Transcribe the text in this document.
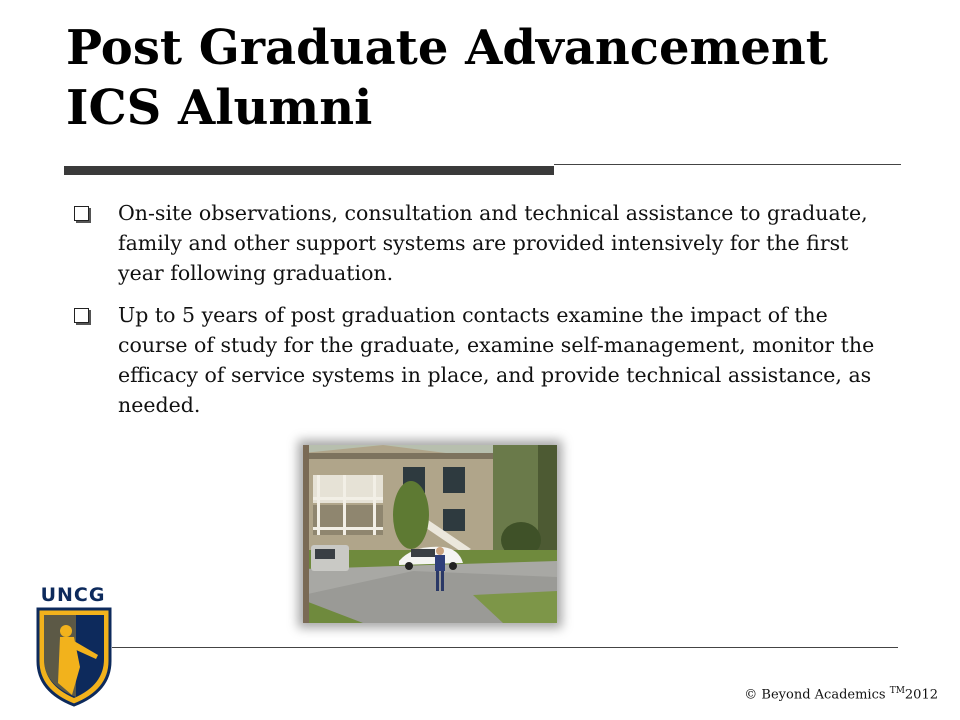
Post Graduate Advancement
ICS Alumni
On-site observations, consultation and technical assistance to graduate, family and other support systems are provided intensively for the first year following graduation.
Up to 5 years of post graduation contacts examine the impact of the course of study for the graduate, examine self-management, monitor the efficacy of service systems in place, and provide technical assistance, as needed.
UNCG
© Beyond Academics ™2012
